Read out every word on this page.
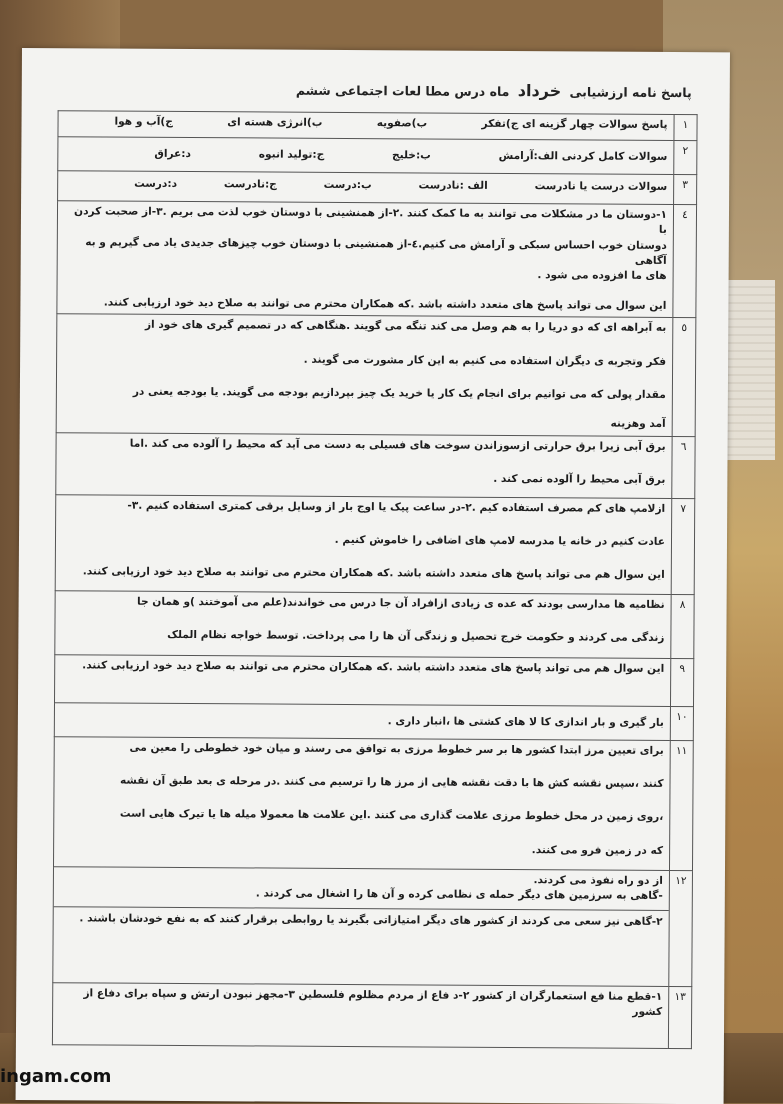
پاسخ نامه ارزشیابی خرداد ماه درس مطا لعات اجتماعی ششم
۱	پاسخ سوالات چهار گزینه ای ج)تفکر
ب)صفویه
ب)انرژی هسته ای
ج)آب و هوا

۲	سوالات کامل کردنی الف:آرامش
ب:خلیج
ج:تولید انبوه
د:عراق

۳	سوالات درست یا نادرست
الف :نادرست
ب:درست
ج:نادرست
د:درست

٤	۱-دوستان ما در مشکلات می توانند به ما کمک کنند .۲-از همنشینی با دوستان خوب لذت می بریم .۳-از صحبت کردن با

دوستان خوب احساس سبکی و آرامش می کنیم.٤-از همنشینی با دوستان خوب چیزهای جدیدی یاد می گیریم و به آگاهی

های ما افزوده می شود .

این سوال می تواند پاسخ های متعدد داشته باشد .که همکاران محترم می توانند به صلاح دید خود ارزیابی کنند.

٥	به آبراهه ای که دو دریا را به هم وصل می کند تنگه می گویند .هنگاهی که در تصمیم گیری های خود از

فکر وتجربه ی دیگران استفاده می کنیم به این کار مشورت می گویند .

مقدار پولی که می توانیم برای انجام یک کار یا خرید یک چیز بپردازیم بودجه می گویند. یا بودجه یعنی در

آمد وهزینه

٦	برق آبی زیرا برق حرارتی ازسوزاندن سوخت های فسیلی به دست می آید که محیط را آلوده می کند .اما

برق آبی محیط را آلوده نمی کند .

٧	ازلامپ های کم مصرف استفاده کیم .۲-در ساعت پیک یا اوج بار از وسایل برقی کمتری استفاده کنیم .۳-

عادت کنیم در خانه یا مدرسه لامپ های اضافی را خاموش کنیم .

این سوال هم می تواند پاسخ های متعدد داشته باشد .که همکاران محترم می توانند به صلاح دید خود ارزیابی کنند.

۸	نظامیه ها مدارسی بودند که عده ی زیادی ازافراد آن جا درس می خواندند(علم می آموختند )و همان جا

زندگی می کردند و حکومت خرج تحصیل و زندگی آن ها را می پرداخت. توسط خواجه نظام الملک

۹	این سوال هم می تواند پاسخ های متعدد داشته باشد .که همکاران محترم می توانند به صلاح دید خود ارزیابی کنند.

۱۰	بار گیری و بار اندازی کا لا های کشتی ها ،انبار داری .

۱۱	برای تعیین مرز ابتدا کشور ها بر سر خطوط مرزی به توافق می رسند و میان خود خطوطی را معین می

کنند ،سپس نقشه کش ها با دقت نقشه هایی از مرز ها را ترسیم می کنند .در مرحله ی بعد طبق آن نقشه

،روی زمین در محل خطوط مرزی علامت گذاری می کنند .این علامت ها معمولا میله ها یا تیرک هایی است

که در زمین فرو می کنند.

۱۲	از دو راه نفوذ می کردند.

-گاهی به سرزمین های دیگر حمله ی نظامی کرده و آن ها را اشغال می کردند .

۲-گاهی نیز سعی می کردند از کشور های دیگر امتیازاتی بگیرند یا روابطی برقرار کنند که به نفع خودشان باشند .

۱۳	۱-قطع منا فع استعمارگران از کشور ۲-د فاع از مردم مظلوم فلسطین ۳-مجهز نبودن ارتش و سپاه برای دفاع از کشور

ingam.com
